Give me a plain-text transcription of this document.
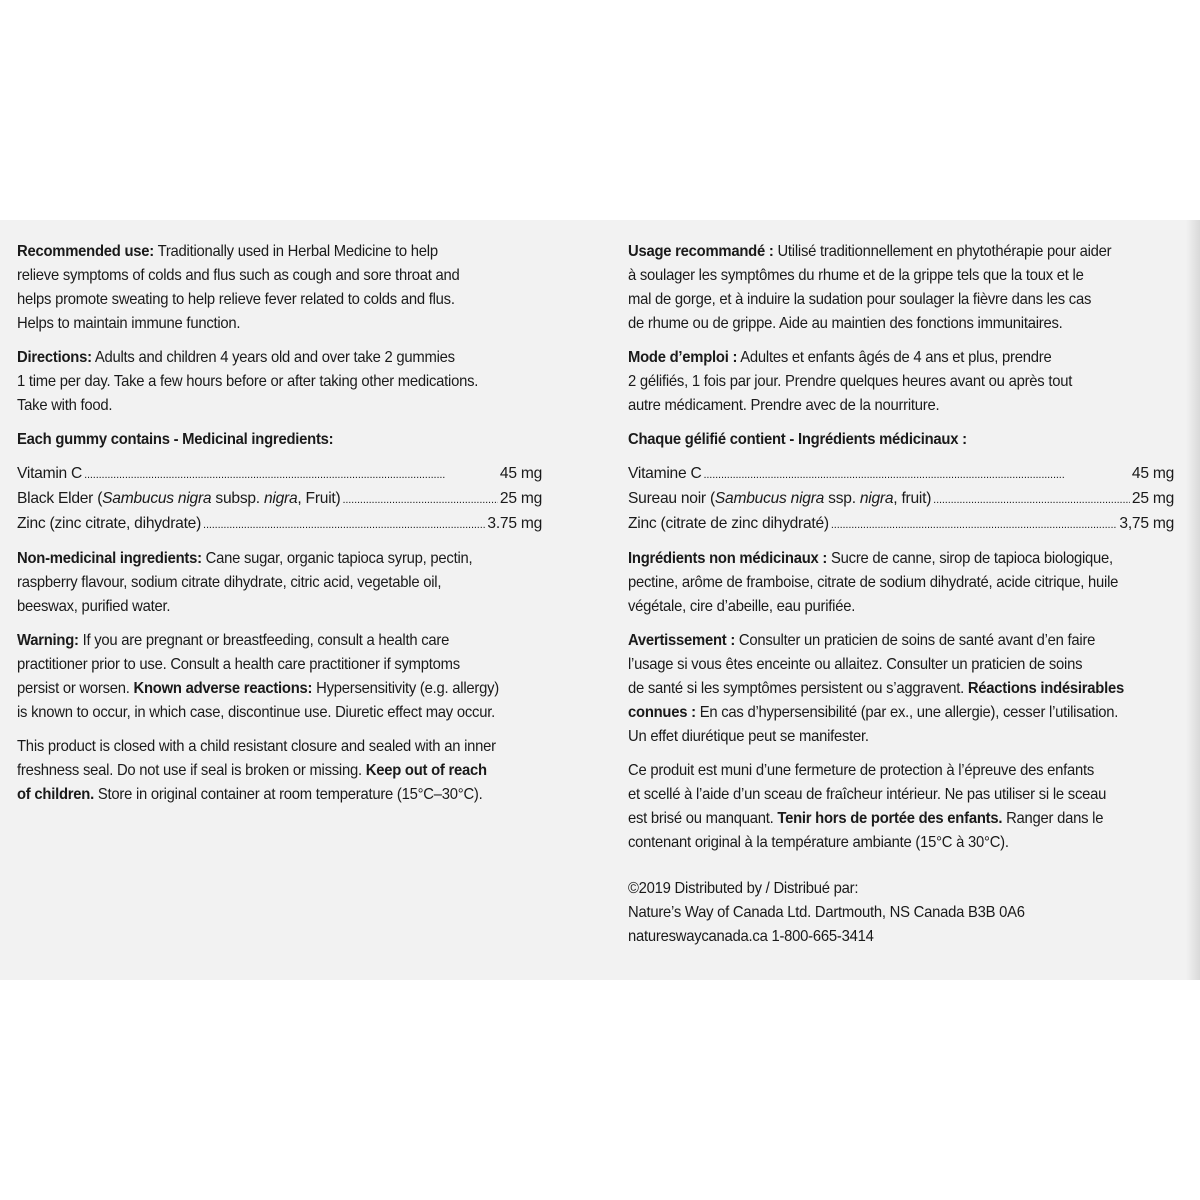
Recommended use: Traditionally used in Herbal Medicine to help
relieve symptoms of colds and flus such as cough and sore throat and
helps promote sweating to help relieve fever related to colds and flus.
Helps to maintain immune function.

Directions: Adults and children 4 years old and over take 2 gummies
1 time per day. Take a few hours before or after taking other medications.
Take with food.

Each gummy contains - Medicinal ingredients:
Vitamin C . . .	45 mg
Black Elder (Sambucus nigra subsp. nigra, Fruit) . . .	25 mg
Zinc (zinc citrate, dihydrate) . . .	3.75 mg

Non-medicinal ingredients: Cane sugar, organic tapioca syrup, pectin,
raspberry flavour, sodium citrate dihydrate, citric acid, vegetable oil,
beeswax, purified water.

Warning: If you are pregnant or breastfeeding, consult a health care
practitioner prior to use. Consult a health care practitioner if symptoms
persist or worsen. Known adverse reactions: Hypersensitivity (e.g. allergy)
is known to occur, in which case, discontinue use. Diuretic effect may occur.

This product is closed with a child resistant closure and sealed with an inner
freshness seal. Do not use if seal is broken or missing. Keep out of reach
of children. Store in original container at room temperature (15°C–30°C).

Usage recommandé : Utilisé traditionnellement en phytothérapie pour aider
à soulager les symptômes du rhume et de la grippe tels que la toux et le
mal de gorge, et à induire la sudation pour soulager la fièvre dans les cas
de rhume ou de grippe. Aide au maintien des fonctions immunitaires.

Mode d’emploi : Adultes et enfants âgés de 4 ans et plus, prendre
2 gélifiés, 1 fois par jour. Prendre quelques heures avant ou après tout
autre médicament. Prendre avec de la nourriture.

Chaque gélifié contient - Ingrédients médicinaux :
Vitamine C . . .	45 mg
Sureau noir (Sambucus nigra ssp. nigra, fruit) . . .	25 mg
Zinc (citrate de zinc dihydraté) . . .	3,75 mg

Ingrédients non médicinaux : Sucre de canne, sirop de tapioca biologique,
pectine, arôme de framboise, citrate de sodium dihydraté, acide citrique, huile
végétale, cire d’abeille, eau purifiée.

Avertissement : Consulter un praticien de soins de santé avant d’en faire
l’usage si vous êtes enceinte ou allaitez. Consulter un praticien de soins
de santé si les symptômes persistent ou s’aggravent. Réactions indésirables
connues : En cas d’hypersensibilité (par ex., une allergie), cesser l’utilisation.
Un effet diurétique peut se manifester.

Ce produit est muni d’une fermeture de protection à l’épreuve des enfants
et scellé à l’aide d’un sceau de fraîcheur intérieur. Ne pas utiliser si le sceau
est brisé ou manquant. Tenir hors de portée des enfants. Ranger dans le
contenant original à la température ambiante (15°C à 30°C).

©2019 Distributed by / Distribué par:
Nature’s Way of Canada Ltd. Dartmouth, NS Canada B3B 0A6
natureswaycanada.ca 1-800-665-3414
